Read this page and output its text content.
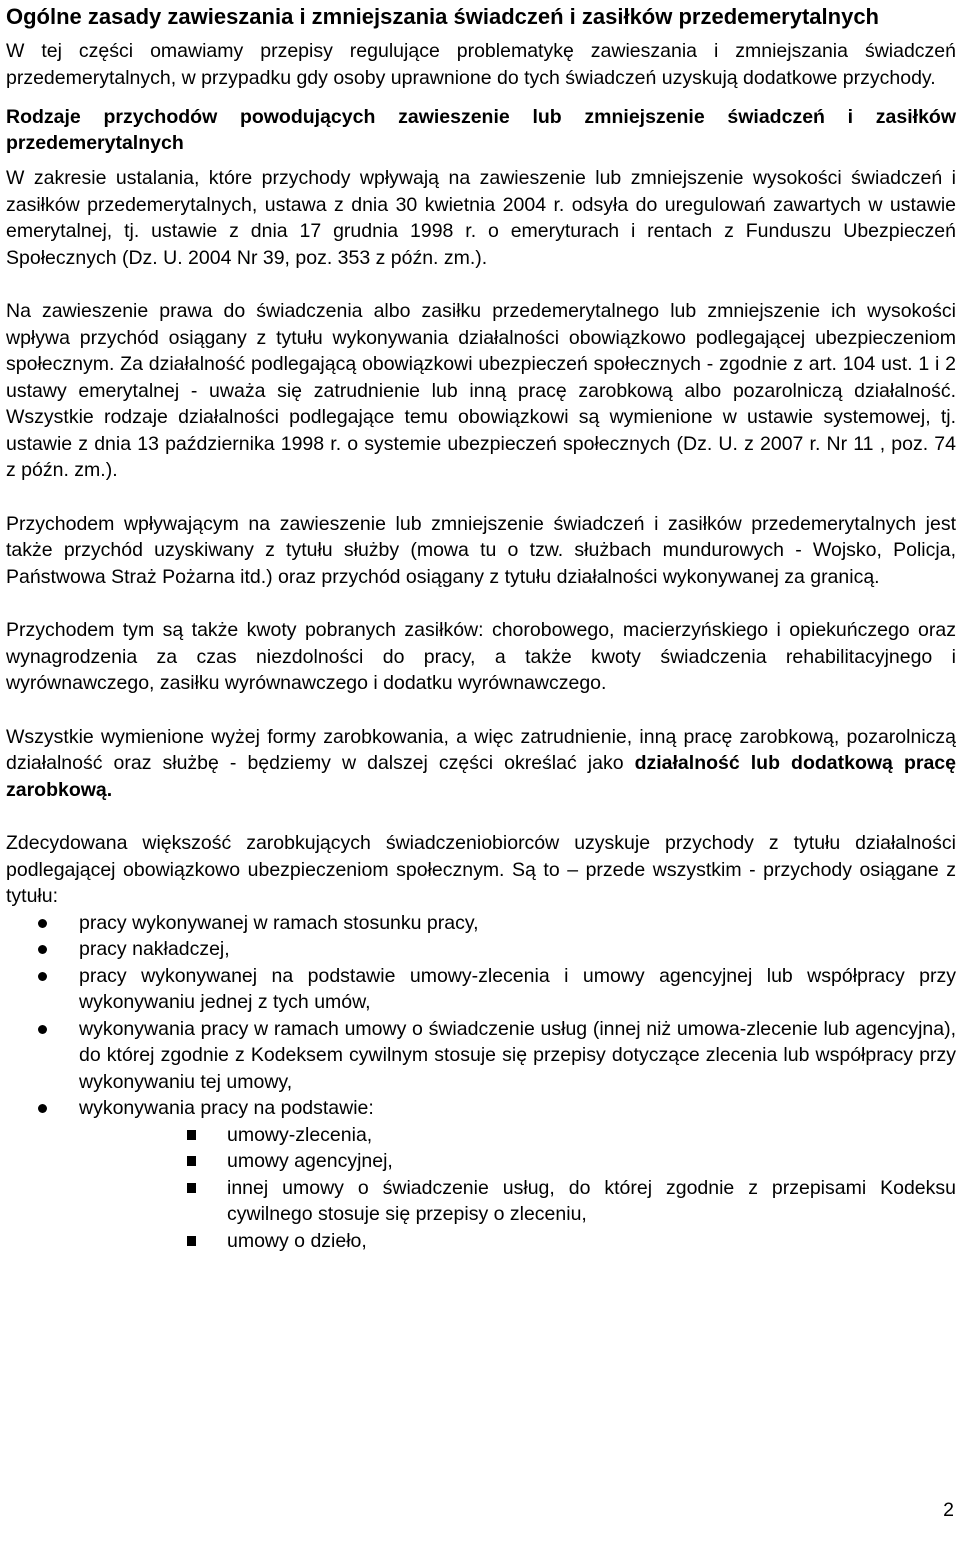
Ogólne zasady zawieszania i zmniejszania świadczeń i zasiłków przedemerytalnych

W tej części omawiamy przepisy regulujące problematykę zawieszania i zmniejszania świadczeń przedemerytalnych, w przypadku gdy osoby uprawnione do tych świadczeń uzyskują dodatkowe przychody.

Rodzaje przychodów powodujących zawieszenie lub zmniejszenie świadczeń i zasiłków przedemerytalnych

W zakresie ustalania, które przychody wpływają na zawieszenie lub zmniejszenie wysokości świadczeń i zasiłków przedemerytalnych, ustawa z dnia 30 kwietnia 2004 r. odsyła do uregulowań zawartych w ustawie emerytalnej, tj. ustawie z dnia 17 grudnia 1998 r. o emeryturach i rentach z Funduszu Ubezpieczeń Społecznych (Dz. U. 2004 Nr 39, poz. 353 z późn. zm.).

Na zawieszenie prawa do świadczenia albo zasiłku przedemerytalnego lub zmniejszenie ich wysokości wpływa przychód osiągany z tytułu wykonywania działalności obowiązkowo podlegającej ubezpieczeniom społecznym. Za działalność podlegającą obowiązkowi ubezpieczeń społecznych - zgodnie z art. 104 ust. 1 i 2 ustawy emerytalnej - uważa się zatrudnienie lub inną pracę zarobkową albo pozarolniczą działalność. Wszystkie rodzaje działalności podlegające temu obowiązkowi są wymienione w ustawie systemowej, tj. ustawie z dnia 13 października 1998 r. o systemie ubezpieczeń społecznych (Dz. U. z 2007 r. Nr 11 , poz. 74 z późn. zm.).

Przychodem wpływającym na zawieszenie lub zmniejszenie świadczeń i zasiłków przedemerytalnych jest także przychód uzyskiwany z tytułu służby (mowa tu o tzw. służbach mundurowych - Wojsko, Policja, Państwowa Straż Pożarna itd.) oraz przychód osiągany z tytułu działalności wykonywanej za granicą.

Przychodem tym są także kwoty pobranych zasiłków: chorobowego, macierzyńskiego i opiekuńczego oraz wynagrodzenia za czas niezdolności do pracy, a także kwoty świadczenia rehabilitacyjnego i wyrównawczego, zasiłku wyrównawczego i dodatku wyrównawczego.

Wszystkie wymienione wyżej formy zarobkowania, a więc zatrudnienie, inną pracę zarobkową, pozarolniczą działalność oraz służbę - będziemy w dalszej części określać jako działalność lub dodatkową pracę zarobkową.

Zdecydowana większość zarobkujących świadczeniobiorców uzyskuje przychody z tytułu działalności podlegającej obowiązkowo ubezpieczeniom społecznym. Są to – przede wszystkim - przychody osiągane z tytułu:

pracy wykonywanej w ramach stosunku pracy,
pracy nakładczej,
pracy wykonywanej na podstawie umowy-zlecenia i umowy agencyjnej lub współpracy przy wykonywaniu jednej z tych umów,
wykonywania pracy w ramach umowy o świadczenie usług (innej niż umowa-zlecenie lub agencyjna), do której zgodnie z Kodeksem cywilnym stosuje się przepisy dotyczące zlecenia lub współpracy przy wykonywaniu tej umowy,
wykonywania pracy na podstawie:
umowy-zlecenia,
umowy agencyjnej,
innej umowy o świadczenie usług, do której zgodnie z przepisami Kodeksu cywilnego stosuje się przepisy o zleceniu,
umowy o dzieło,

2
